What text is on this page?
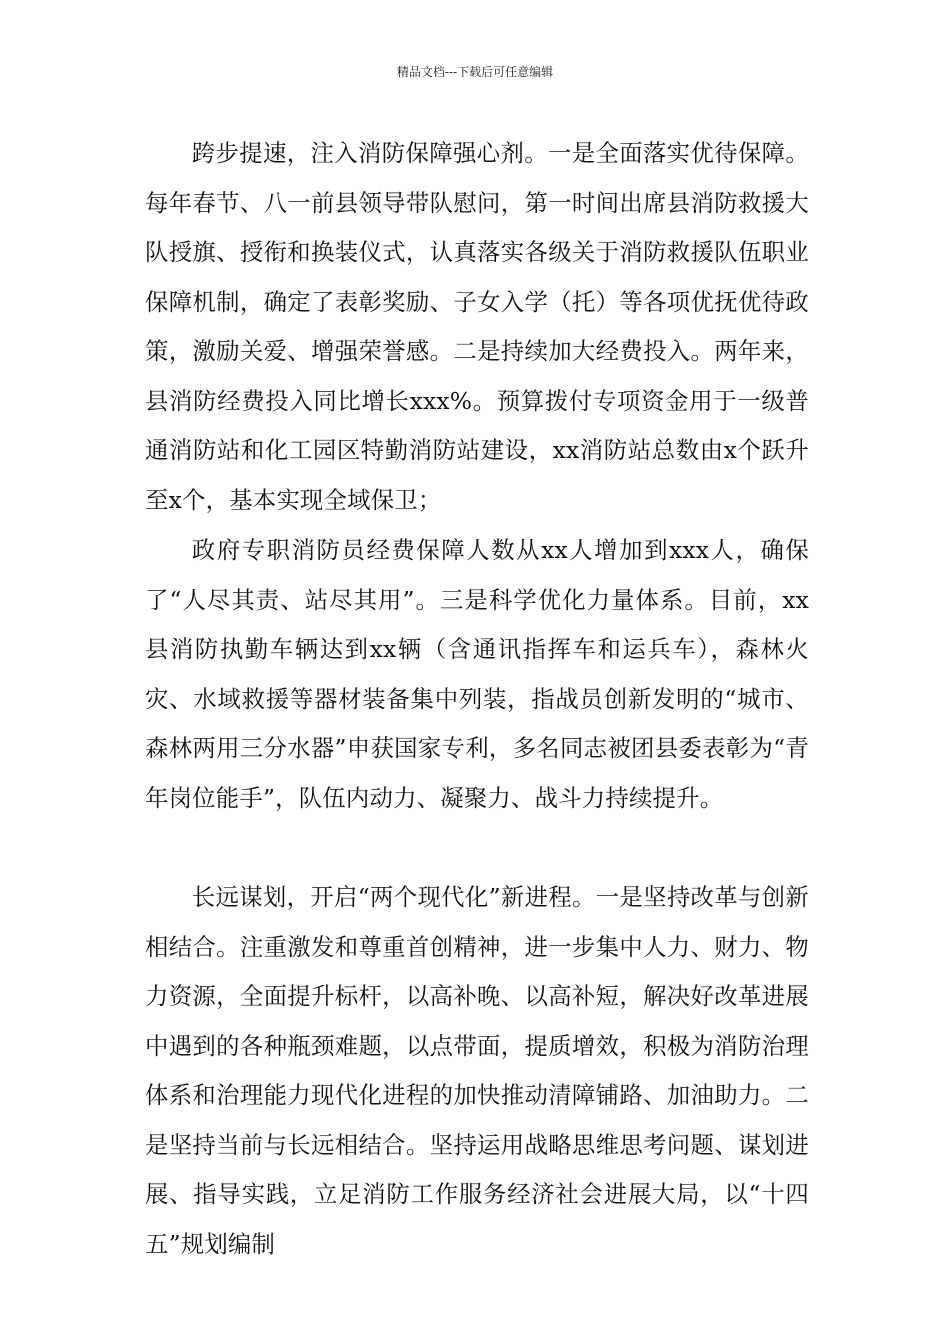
精品文档---下载后可任意编辑

跨步提速，注入消防保障强心剂。一是全面落实优待保障。每年春节、八一前县领导带队慰问，第一时间出席县消防救援大队授旗、授衔和换装仪式，认真落实各级关于消防救援队伍职业保障机制，确定了表彰奖励、子女入学（托）等各项优抚优待政策，激励关爱、增强荣誉感。二是持续加大经费投入。两年来，县消防经费投入同比增长xxx%。预算拨付专项资金用于一级普通消防站和化工园区特勤消防站建设，xx消防站总数由x个跃升至x个，基本实现全域保卫；

政府专职消防员经费保障人数从xx人增加到xxx人，确保了“人尽其责、站尽其用”。三是科学优化力量体系。目前，xx县消防执勤车辆达到xx辆（含通讯指挥车和运兵车），森林火灾、水域救援等器材装备集中列装，指战员创新发明的“城市、森林两用三分水器”申获国家专利，多名同志被团县委表彰为“青年岗位能手”，队伍内动力、凝聚力、战斗力持续提升。

长远谋划，开启“两个现代化”新进程。一是坚持改革与创新相结合。注重激发和尊重首创精神，进一步集中人力、财力、物力资源，全面提升标杆，以高补晚、以高补短，解决好改革进展中遇到的各种瓶颈难题，以点带面，提质增效，积极为消防治理体系和治理能力现代化进程的加快推动清障铺路、加油助力。二是坚持当前与长远相结合。坚持运用战略思维思考问题、谋划进展、指导实践，立足消防工作服务经济社会进展大局，以“十四五”规划编制
